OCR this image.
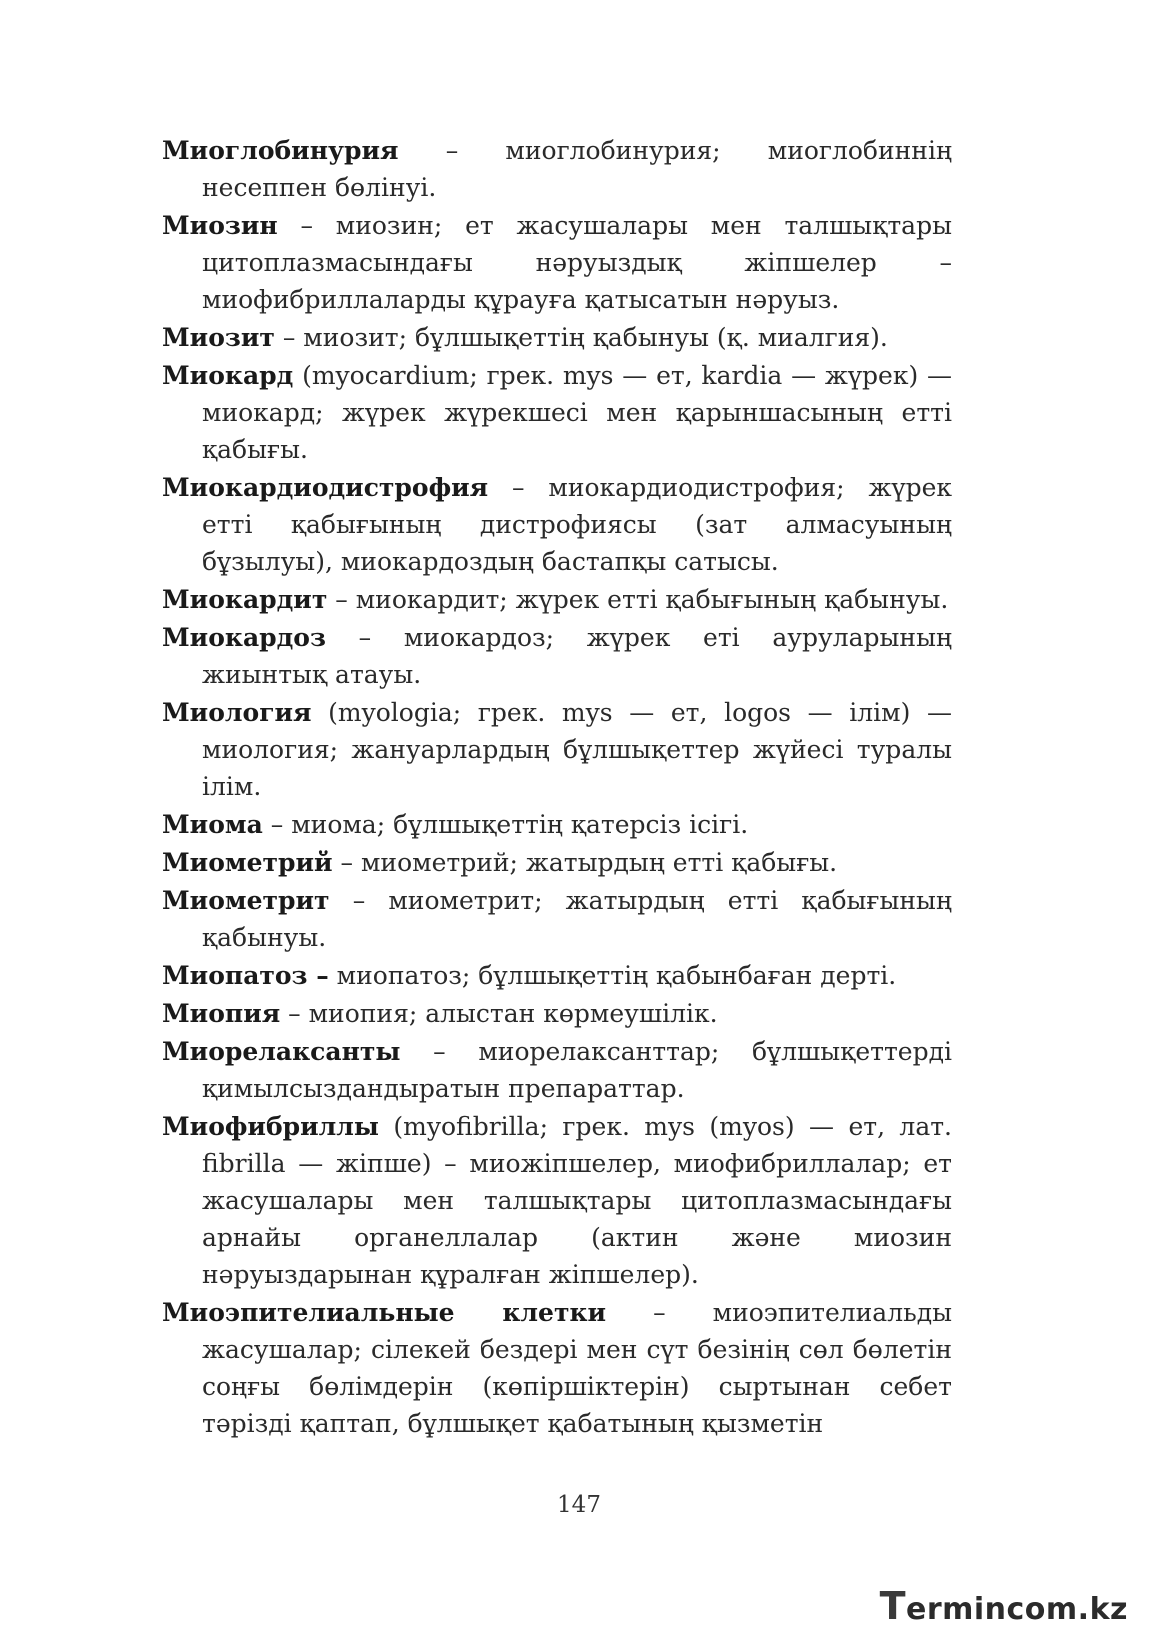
Миоглобинурия – миоглобинурия; миоглобиннің несеппен бөлінуі.

Миозин – миозин; ет жасушалары мен талшықтары цитоплазмасындағы нәруыздық жіпшелер – миофибриллаларды құрауға қатысатын нәруыз.

Миозит – миозит; бұлшықеттің қабынуы (қ. миалгия).

Миокард (myocardium; грек. mys — ет, kardia — жүрек) — миокард; жүрек жүрекшесі мен қарыншасының етті қабығы.

Миокардиодистрофия – миокардиодистрофия; жүрек етті қабығының дистрофиясы (зат алмасуының бұзылуы), миокардоздың бастапқы сатысы.

Миокардит – миокардит; жүрек етті қабығының қабынуы.

Миокардоз – миокардоз; жүрек еті ауруларының жиынтық атауы.

Миология (myologia; грек. mys — ет, logos — ілім) — миология; жануарлардың бұлшықеттер жүйесі туралы ілім.

Миома – миома; бұлшықеттің қатерсіз ісігі.

Миометрий – миометрий; жатырдың етті қабығы.

Миометрит – миометрит; жатырдың етті қабығының қабынуы.

Миопатоз – миопатоз; бұлшықеттің қабынбаған дерті.

Миопия – миопия; алыстан көрмеушілік.

Миорелаксанты – миорелаксанттар; бұлшықеттерді қимылсыздандыратын препараттар.

Миофибриллы (myofibrilla; грек. mys (myos) — ет, лат. fibrilla — жіпше) – миожіпшелер, миофибриллалар; ет жасушалары мен талшықтары цитоплазмасындағы арнайы органеллалар (актин және миозин нәруыздарынан құралған жіпшелер).

Миоэпителиальные клетки – миоэпителиальды жасушалар; сілекей бездері мен сүт безінің сөл бөлетін соңғы бөлімдерін (көпіршіктерін) сыртынан себет тәрізді қаптап, бұлшықет қабатының қызметін

147
Termincom.kz
